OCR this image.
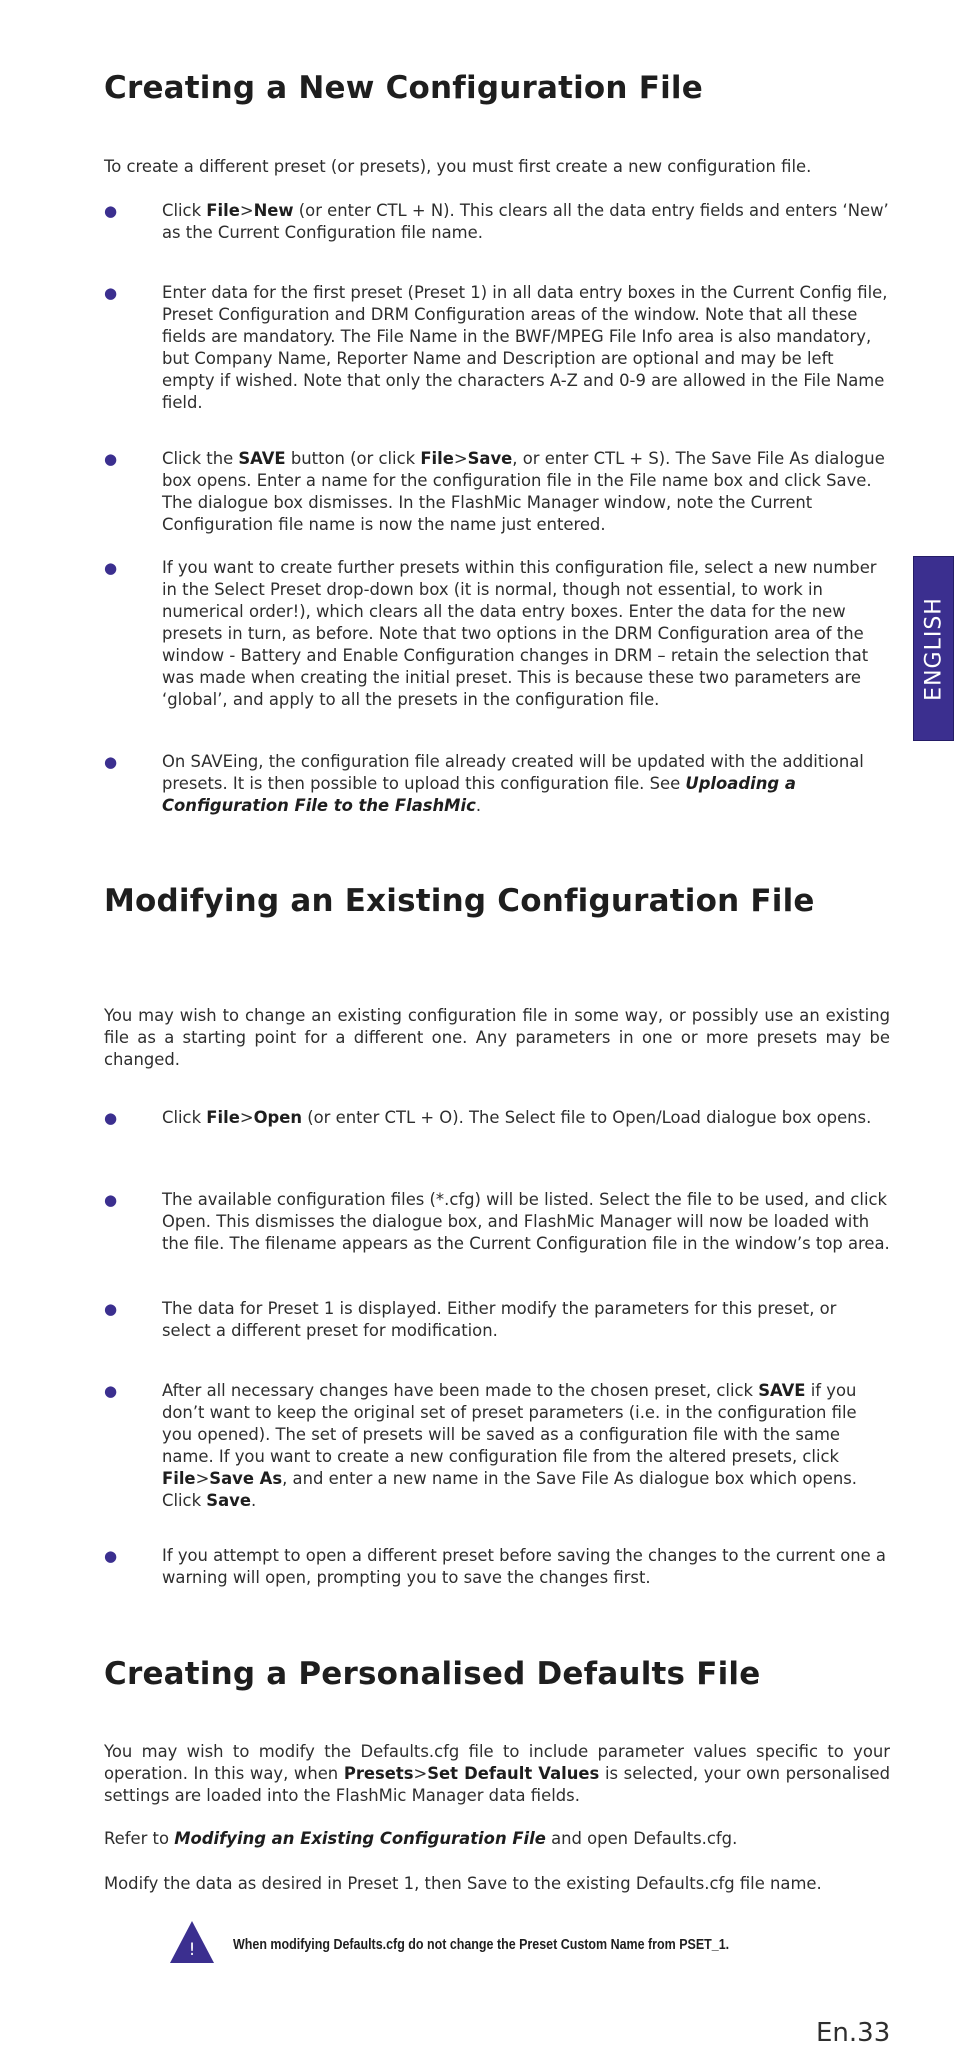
Creating a New Configuration File

To create a different preset (or presets), you must first create a new configuration file.

●	Click File>New (or enter CTL + N). This clears all the data entry fields and enters ‘New’ as the Current Configuration file name.
●	Enter data for the first preset (Preset 1) in all data entry boxes in the Current Config file, Preset Configuration and DRM Configuration areas of the window. Note that all these fields are mandatory. The File Name in the BWF/MPEG File Info area is also mandatory, but Company Name, Reporter Name and Description are optional and may be left empty if wished. Note that only the characters A-Z and 0-9 are allowed in the File Name field.
●	Click the SAVE button (or click File>Save, or enter CTL + S). The Save File As dialogue box opens. Enter a name for the configuration file in the File name box and click Save. The dialogue box dismisses. In the FlashMic Manager window, note the Current Configuration file name is now the name just entered.
●	If you want to create further presets within this configuration file, select a new number in the Select Preset drop-down box (it is normal, though not essential, to work in numerical order!), which clears all the data entry boxes. Enter the data for the new presets in turn, as before. Note that two options in the DRM Configuration area of the window - Battery and Enable Configuration changes in DRM – retain the selection that was made when creating the initial preset. This is because these two parameters are ‘global’, and apply to all the presets in the configuration file.
●	On SAVEing, the configuration file already created will be updated with the additional presets. It is then possible to upload this configuration file. See Uploading a Configuration File to the FlashMic.
Modifying an Existing Configuration File

You may wish to change an existing configuration file in some way, or possibly use an existing file as a starting point for a different one. Any parameters in one or more presets may be changed.

●	Click File>Open (or enter CTL + O). The Select file to Open/Load dialogue box opens.
●	The available configuration files (*.cfg) will be listed. Select the file to be used, and click Open. This dismisses the dialogue box, and FlashMic Manager will now be loaded with the file. The filename appears as the Current Configuration file in the window’s top area.
●	The data for Preset 1 is displayed. Either modify the parameters for this preset, or select a different preset for modification.
●	After all necessary changes have been made to the chosen preset, click SAVE if you don’t want to keep the original set of preset parameters (i.e. in the configuration file you opened). The set of presets will be saved as a configuration file with the same name. If you want to create a new configuration file from the altered presets, click File>Save As, and enter a new name in the Save File As dialogue box which opens. Click Save.
●	If you attempt to open a different preset before saving the changes to the current one a warning will open, prompting you to save the changes first.
Creating a Personalised Defaults File

You may wish to modify the Defaults.cfg file to include parameter values specific to your operation. In this way, when Presets>Set Default Values is selected, your own personalised settings are loaded into the FlashMic Manager data fields.

Refer to Modifying an Existing Configuration File and open Defaults.cfg.

Modify the data as desired in Preset 1, then Save to the existing Defaults.cfg file name.

!	When modifying Defaults.cfg do not change the Preset Custom Name from PSET_1.
ENGLISH
En.33
